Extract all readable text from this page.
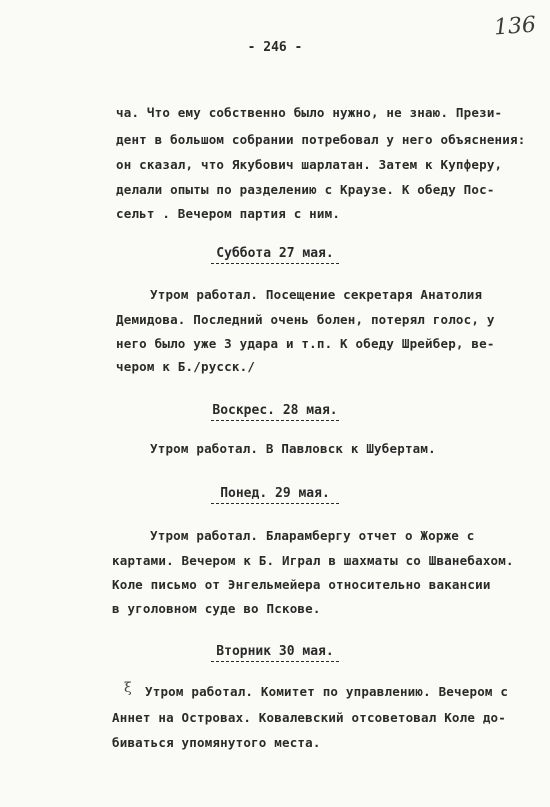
136
- 246 -
ча. Что ему собственно было нужно, не знаю. Прези-
дент в большом собрании потребовал у него объяснения:
он сказал, что Якубович шарлатан. Затем к Купферу,
делали опыты по разделению с Краузе. К обеду Пос-
сельт . Вечером партия с ним.
Суббота 27 мая.
Утром работал. Посещение секретаря Анатолия
Демидова. Последний очень болен, потерял голос, у
него было уже 3 удара и т.п. К обеду Шрейбер, ве-
чером к Б./русск./
Воскрес. 28 мая.
Утром работал. В Павловск к Шубертам.
Понед. 29 мая.
Утром работал. Бларамбергу отчет о Жорже с
картами. Вечером к Б. Играл в шахматы со Шванебахом.
Коле письмо от Энгельмейера относительно вакансии
в уголовном суде во Пскове.
Вторник 30 мая.
ξ Утром работал. Комитет по управлению. Вечером с
Аннет на Островах. Ковалевский отсоветовал Коле до-
биваться упомянутого места.
